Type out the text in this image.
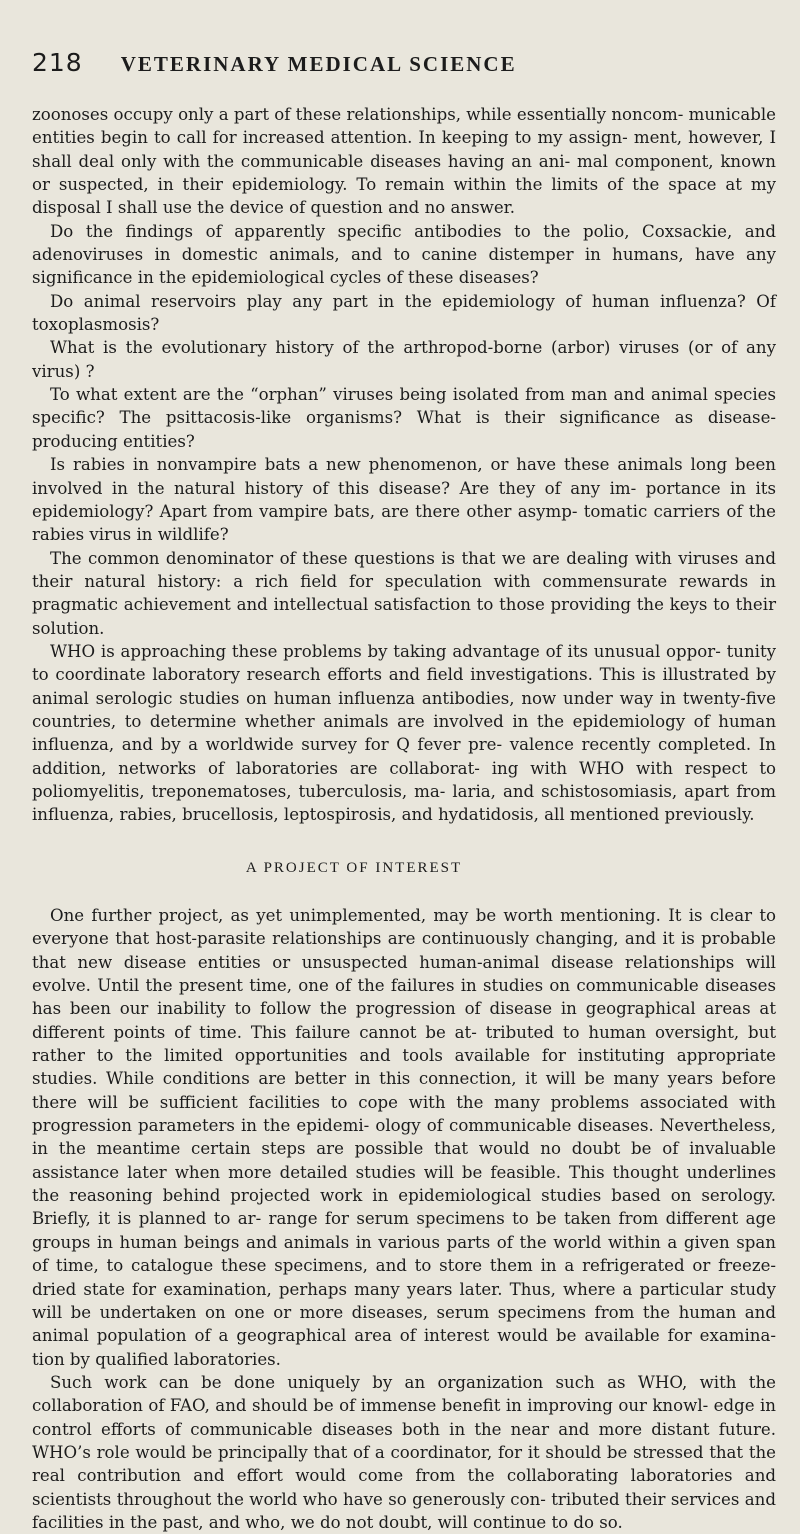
218 VETERINARY MEDICAL SCIENCE

zoonoses occupy only a part of these relationships, while essentially noncom- municable entities begin to call for increased attention. In keeping to my assign- ment, however, I shall deal only with the communicable diseases having an ani- mal component, known or suspected, in their epidemiology. To remain within the limits of the space at my disposal I shall use the device of question and no answer.

Do the findings of apparently specific antibodies to the polio, Coxsackie, and adenoviruses in domestic animals, and to canine distemper in humans, have any significance in the epidemiological cycles of these diseases?

Do animal reservoirs play any part in the epidemiology of human influenza? Of toxoplasmosis?

What is the evolutionary history of the arthropod-borne (arbor) viruses (or of any virus) ?

To what extent are the “orphan” viruses being isolated from man and animal species specific? The psittacosis-like organisms? What is their significance as disease-producing entities?

Is rabies in nonvampire bats a new phenomenon, or have these animals long been involved in the natural history of this disease? Are they of any im- portance in its epidemiology? Apart from vampire bats, are there other asymp- tomatic carriers of the rabies virus in wildlife?

The common denominator of these questions is that we are dealing with viruses and their natural history: a rich field for speculation with commensurate rewards in pragmatic achievement and intellectual satisfaction to those providing the keys to their solution.

WHO is approaching these problems by taking advantage of its unusual oppor- tunity to coordinate laboratory research efforts and field investigations. This is illustrated by animal serologic studies on human influenza antibodies, now under way in twenty-five countries, to determine whether animals are involved in the epidemiology of human influenza, and by a worldwide survey for Q fever pre- valence recently completed. In addition, networks of laboratories are collaborat- ing with WHO with respect to poliomyelitis, treponematoses, tuberculosis, ma- laria, and schistosomiasis, apart from influenza, rabies, brucellosis, leptospirosis, and hydatidosis, all mentioned previously.

A PROJECT OF INTEREST

One further project, as yet unimplemented, may be worth mentioning. It is clear to everyone that host-parasite relationships are continuously changing, and it is probable that new disease entities or unsuspected human-animal disease relationships will evolve. Until the present time, one of the failures in studies on communicable diseases has been our inability to follow the progression of disease in geographical areas at different points of time. This failure cannot be at- tributed to human oversight, but rather to the limited opportunities and tools available for instituting appropriate studies. While conditions are better in this connection, it will be many years before there will be sufficient facilities to cope with the many problems associated with progression parameters in the epidemi- ology of communicable diseases. Nevertheless, in the meantime certain steps are possible that would no doubt be of invaluable assistance later when more detailed studies will be feasible. This thought underlines the reasoning behind projected work in epidemiological studies based on serology. Briefly, it is planned to ar- range for serum specimens to be taken from different age groups in human beings and animals in various parts of the world within a given span of time, to catalogue these specimens, and to store them in a refrigerated or freeze-dried state for examination, perhaps many years later. Thus, where a particular study will be undertaken on one or more diseases, serum specimens from the human and animal population of a geographical area of interest would be available for examina- tion by qualified laboratories.

Such work can be done uniquely by an organization such as WHO, with the collaboration of FAO, and should be of immense benefit in improving our knowl- edge in control efforts of communicable diseases both in the near and more distant future. WHO’s role would be principally that of a coordinator, for it should be stressed that the real contribution and effort would come from the collaborating laboratories and scientists throughout the world who have so generously con- tributed their services and facilities in the past, and who, we do not doubt, will continue to do so.
